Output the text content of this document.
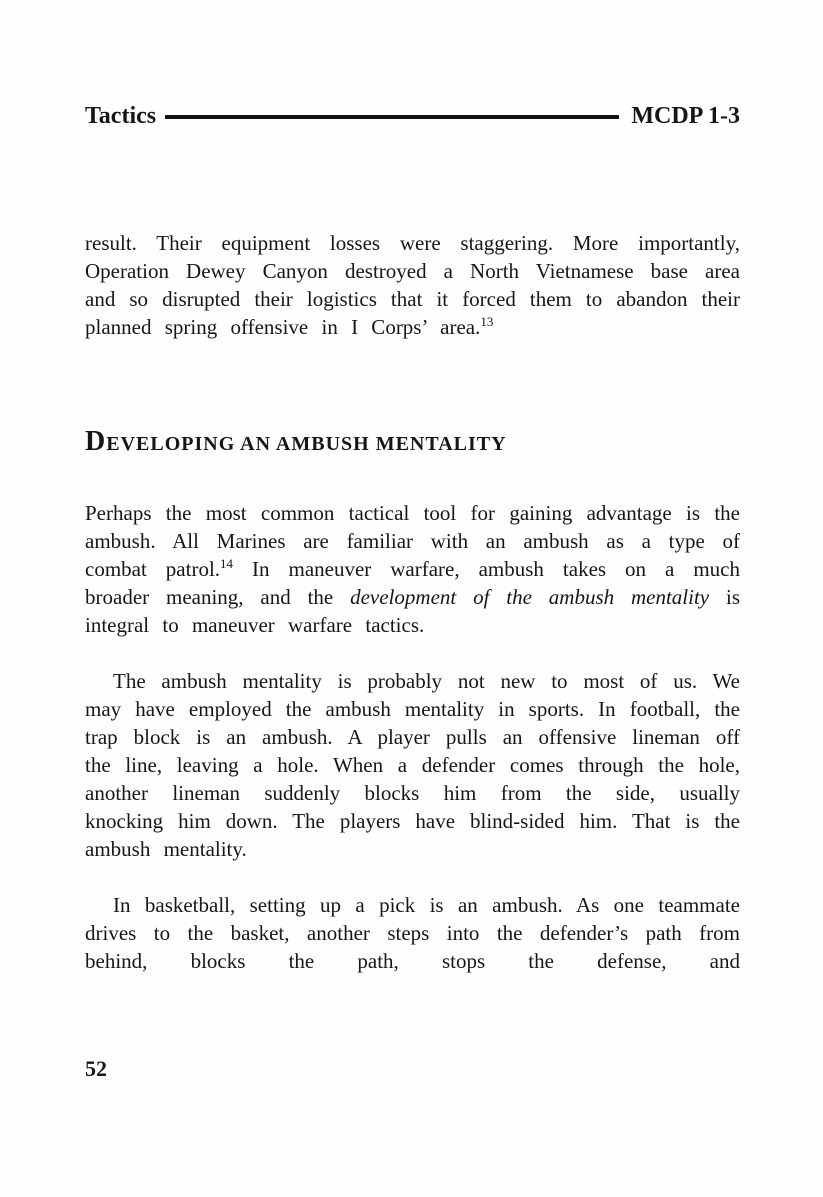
Tactics	MCDP 1-3

result. Their equipment losses were staggering. More importantly, Operation Dewey Canyon destroyed a North Vietnamese base area and so disrupted their logistics that it forced them to abandon their planned spring offensive in I Corps’ area.$^{13}$

DEVELOPING AN AMBUSH MENTALITY

Perhaps the most common tactical tool for gaining advantage is the ambush. All Marines are familiar with an ambush as a type of combat patrol.$^{14}$ In maneuver warfare, ambush takes on a much broader meaning, and the development of the ambush mentality is integral to maneuver warfare tactics.

The ambush mentality is probably not new to most of us. We may have employed the ambush mentality in sports. In football, the trap block is an ambush. A player pulls an offensive lineman off the line, leaving a hole. When a defender comes through the hole, another lineman suddenly blocks him from the side, usually knocking him down. The players have blind-sided him. That is the ambush mentality.

In basketball, setting up a pick is an ambush. As one teammate drives to the basket, another steps into the defender’s path from behind, blocks the path, stops the defense, and

52
